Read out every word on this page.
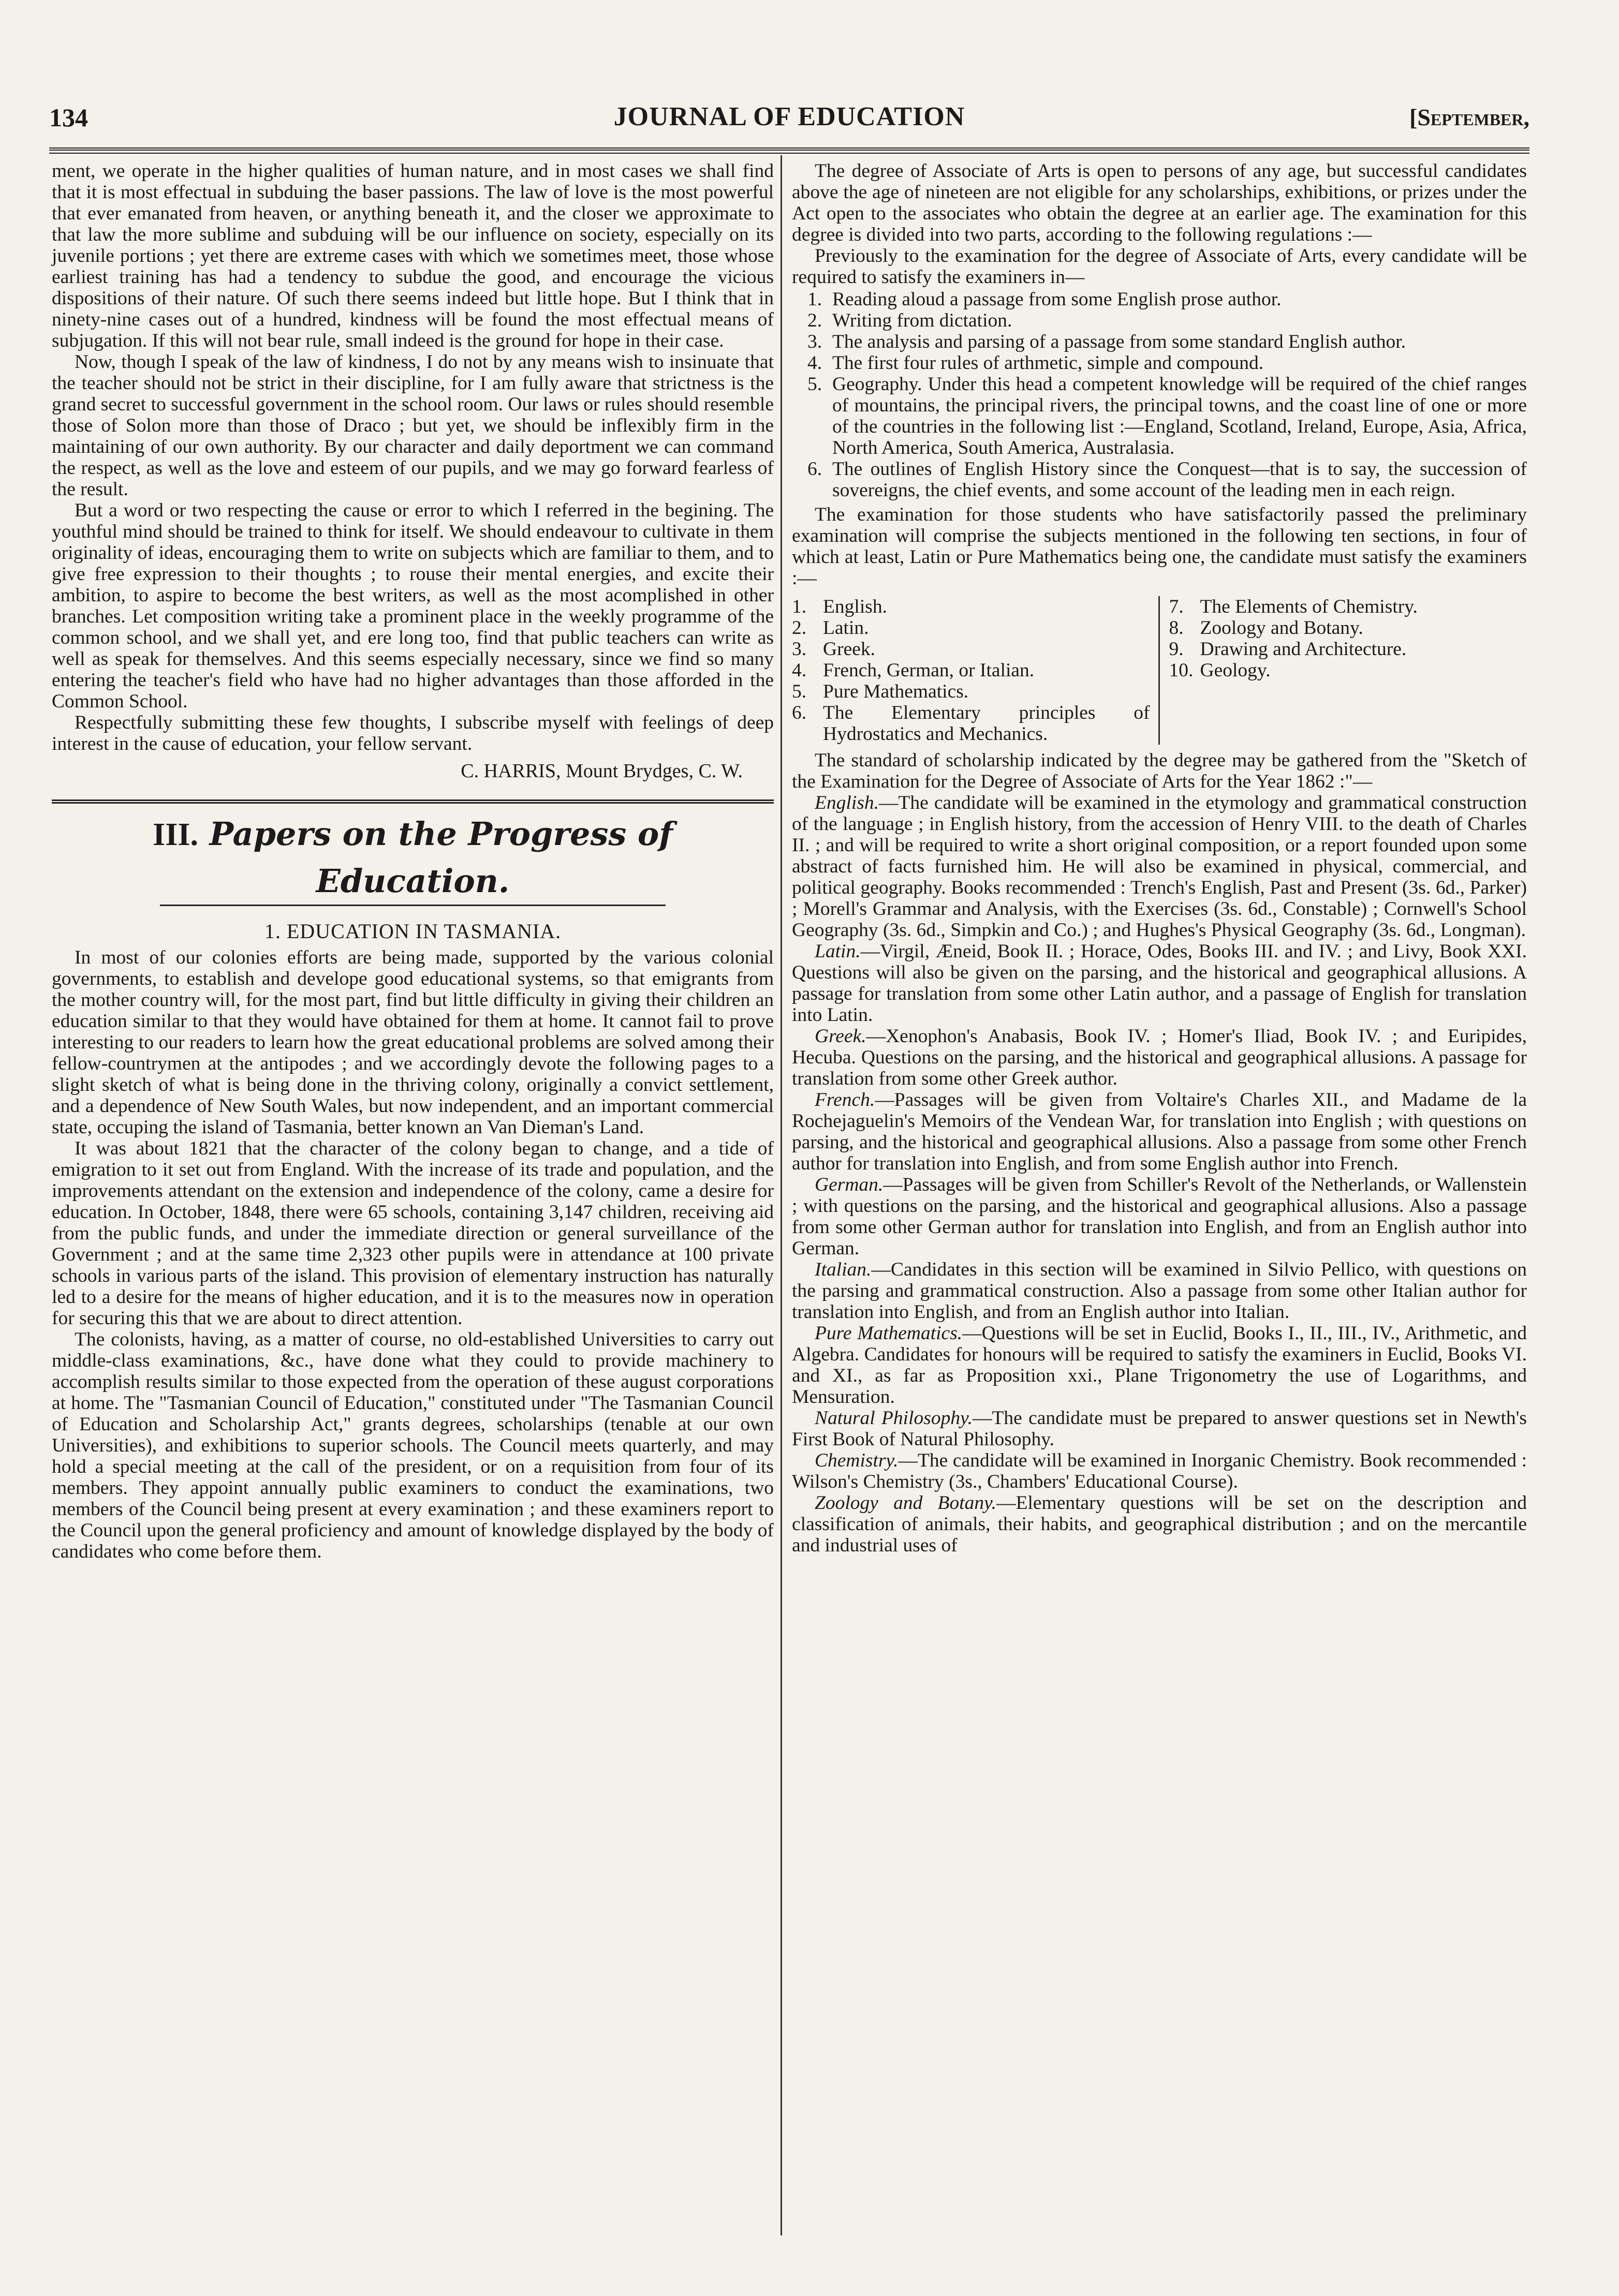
134	JOURNAL OF EDUCATION	[September,

ment, we operate in the higher qualities of human nature, and in most cases we shall find that it is most effectual in subduing the baser passions. The law of love is the most powerful that ever emanated from heaven, or anything beneath it, and the closer we approximate to that law the more sublime and subduing will be our influence on society, especially on its juvenile portions ; yet there are extreme cases with which we sometimes meet, those whose earliest training has had a tendency to subdue the good, and encourage the vicious dispositions of their nature. Of such there seems indeed but little hope. But I think that in ninety-nine cases out of a hundred, kindness will be found the most effectual means of subjugation. If this will not bear rule, small indeed is the ground for hope in their case.

Now, though I speak of the law of kindness, I do not by any means wish to insinuate that the teacher should not be strict in their discipline, for I am fully aware that strictness is the grand secret to successful government in the school room. Our laws or rules should resemble those of Solon more than those of Draco ; but yet, we should be inflexibly firm in the maintaining of our own authority. By our character and daily deportment we can command the respect, as well as the love and esteem of our pupils, and we may go forward fearless of the result.

But a word or two respecting the cause or error to which I referred in the begining. The youthful mind should be trained to think for itself. We should endeavour to cultivate in them originality of ideas, encouraging them to write on subjects which are familiar to them, and to give free expression to their thoughts ; to rouse their mental energies, and excite their ambition, to aspire to become the best writers, as well as the most acomplished in other branches. Let composition writing take a prominent place in the weekly programme of the common school, and we shall yet, and ere long too, find that public teachers can write as well as speak for themselves. And this seems especially necessary, since we find so many entering the teacher's field who have had no higher advantages than those afforded in the Common School.

Respectfully submitting these few thoughts, I subscribe myself with feelings of deep interest in the cause of education, your fellow servant.

C. HARRIS, Mount Brydges, C. W.
III. Papers on the Progress of Education.
1. EDUCATION IN TASMANIA.

In most of our colonies efforts are being made, supported by the various colonial governments, to establish and develope good educational systems, so that emigrants from the mother country will, for the most part, find but little difficulty in giving their children an education similar to that they would have obtained for them at home. It cannot fail to prove interesting to our readers to learn how the great educational problems are solved among their fellow-countrymen at the antipodes ; and we accordingly devote the following pages to a slight sketch of what is being done in the thriving colony, originally a convict settlement, and a dependence of New South Wales, but now independent, and an important commercial state, occuping the island of Tasmania, better known an Van Dieman's Land.

It was about 1821 that the character of the colony began to change, and a tide of emigration to it set out from England. With the increase of its trade and population, and the improvements attendant on the extension and independence of the colony, came a desire for education. In October, 1848, there were 65 schools, containing 3,147 children, receiving aid from the public funds, and under the immediate direction or general surveillance of the Government ; and at the same time 2,323 other pupils were in attendance at 100 private schools in various parts of the island. This provision of elementary instruction has naturally led to a desire for the means of higher education, and it is to the measures now in operation for securing this that we are about to direct attention.

The colonists, having, as a matter of course, no old-established Universities to carry out middle-class examinations, &c., have done what they could to provide machinery to accomplish results similar to those expected from the operation of these august corporations at home. The "Tasmanian Council of Education," constituted under "The Tasmanian Council of Education and Scholarship Act," grants degrees, scholarships (tenable at our own Universities), and exhibitions to superior schools. The Council meets quarterly, and may hold a special meeting at the call of the president, or on a requisition from four of its members. They appoint annually public examiners to conduct the examinations, two members of the Council being present at every examination ; and these examiners report to the Council upon the general proficiency and amount of knowledge displayed by the body of candidates who come before them.

The degree of Associate of Arts is open to persons of any age, but successful candidates above the age of nineteen are not eligible for any scholarships, exhibitions, or prizes under the Act open to the associates who obtain the degree at an earlier age. The examination for this degree is divided into two parts, according to the following regulations :—

Previously to the examination for the degree of Associate of Arts, every candidate will be required to satisfy the examiners in—

1. Reading aloud a passage from some English prose author.
2. Writing from dictation.
3. The analysis and parsing of a passage from some standard English author.
4. The first four rules of arthmetic, simple and compound.
5. Geography. Under this head a competent knowledge will be required of the chief ranges of mountains, the principal rivers, the principal towns, and the coast line of one or more of the countries in the following list :—England, Scotland, Ireland, Europe, Asia, Africa, North America, South America, Australasia.
6. The outlines of English History since the Conquest—that is to say, the succession of sovereigns, the chief events, and some account of the leading men in each reign.

The examination for those students who have satisfactorily passed the preliminary examination will comprise the subjects mentioned in the following ten sections, in four of which at least, Latin or Pure Mathematics being one, the candidate must satisfy the examiners :—

1. English.
2. Latin.
3. Greek.
4. French, German, or Italian.
5. Pure Mathematics.
6. The Elementary principles of Hydrostatics and Mechanics.
7. The Elements of Chemistry.
8. Zoology and Botany.
9. Drawing and Architecture.
10. Geology.

The standard of scholarship indicated by the degree may be gathered from the "Sketch of the Examination for the Degree of Associate of Arts for the Year 1862 :"—

English.—The candidate will be examined in the etymology and grammatical construction of the language ; in English history, from the accession of Henry VIII. to the death of Charles II. ; and will be required to write a short original composition, or a report founded upon some abstract of facts furnished him. He will also be examined in physical, commercial, and political geography. Books recommended : Trench's English, Past and Present (3s. 6d., Parker) ; Morell's Grammar and Analysis, with the Exercises (3s. 6d., Constable) ; Cornwell's School Geography (3s. 6d., Simpkin and Co.) ; and Hughes's Physical Geography (3s. 6d., Longman).

Latin.—Virgil, Æneid, Book II. ; Horace, Odes, Books III. and IV. ; and Livy, Book XXI. Questions will also be given on the parsing, and the historical and geographical allusions. A passage for translation from some other Latin author, and a passage of English for translation into Latin.

Greek.—Xenophon's Anabasis, Book IV. ; Homer's Iliad, Book IV. ; and Euripides, Hecuba. Questions on the parsing, and the historical and geographical allusions. A passage for translation from some other Greek author.

French.—Passages will be given from Voltaire's Charles XII., and Madame de la Rochejaguelin's Memoirs of the Vendean War, for translation into English ; with questions on parsing, and the historical and geographical allusions. Also a passage from some other French author for translation into English, and from some English author into French.

German.—Passages will be given from Schiller's Revolt of the Netherlands, or Wallenstein ; with questions on the parsing, and the historical and geographical allusions. Also a passage from some other German author for translation into English, and from an English author into German.

Italian.—Candidates in this section will be examined in Silvio Pellico, with questions on the parsing and grammatical construction. Also a passage from some other Italian author for translation into English, and from an English author into Italian.

Pure Mathematics.—Questions will be set in Euclid, Books I., II., III., IV., Arithmetic, and Algebra. Candidates for honours will be required to satisfy the examiners in Euclid, Books VI. and XI., as far as Proposition xxi., Plane Trigonometry the use of Logarithms, and Mensuration.

Natural Philosophy.—The candidate must be prepared to answer questions set in Newth's First Book of Natural Philosophy.

Chemistry.—The candidate will be examined in Inorganic Chemistry. Book recommended : Wilson's Chemistry (3s., Chambers' Educational Course).

Zoology and Botany.—Elementary questions will be set on the description and classification of animals, their habits, and geographical distribution ; and on the mercantile and industrial uses of
